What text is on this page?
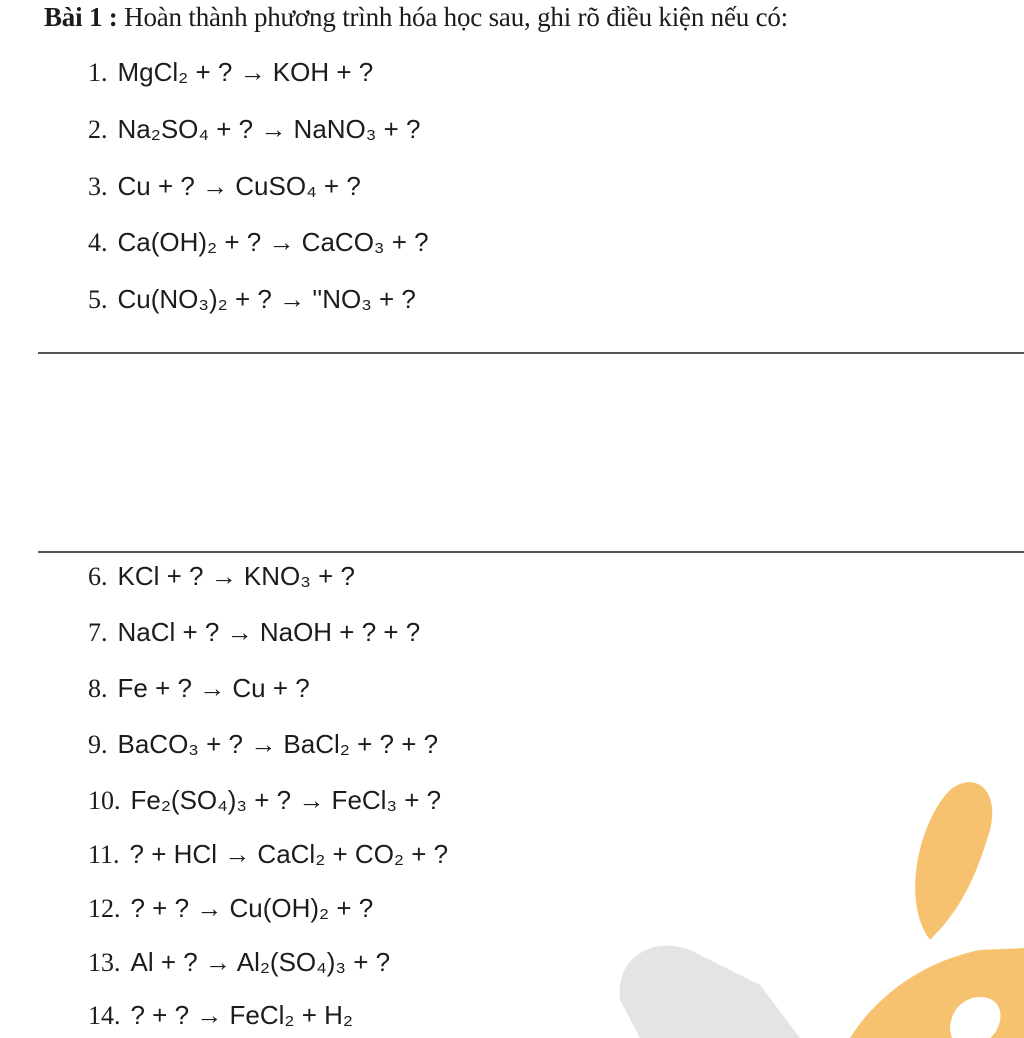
Bài 1 : Hoàn thành phương trình hóa học sau, ghi rõ điều kiện nếu có:
1. MgCl₂ + ? → KOH + ?
2. Na₂SO₄ + ? → NaNO₃ + ?
3. Cu + ? → CuSO₄ + ?
4. Ca(OH)₂ + ? → CaCO₃ + ?
5. Cu(NO₃)₂ + ? → ''NO₃ + ?
6. KCl + ? → KNO₃ + ?
7. NaCl + ? → NaOH + ? + ?
8. Fe + ? → Cu + ?
9. BaCO₃ + ? → BaCl₂ + ? + ?
10. Fe₂(SO₄)₃ + ? → FeCl₃ + ?
11. ? + HCl → CaCl₂ + CO₂ + ?
12. ? + ? → Cu(OH)₂ + ?
13. Al + ? → Al₂(SO₄)₃ + ?
14. ? + ? → FeCl₂ + H₂
